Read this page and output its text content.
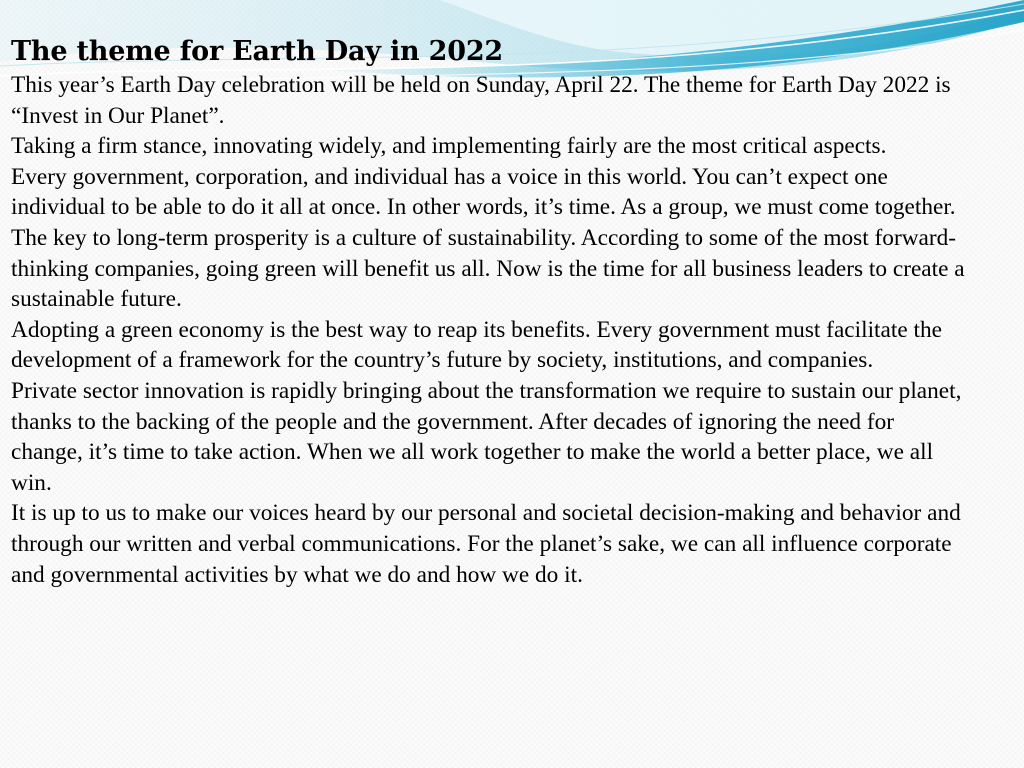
The theme for Earth Day in 2022

This year’s Earth Day celebration will be held on Sunday, April 22. The theme for Earth Day 2022 is “Invest in Our Planet”.

Taking a firm stance, innovating widely, and implementing fairly are the most critical aspects.

Every government, corporation, and individual has a voice in this world. You can’t expect one individual to be able to do it all at once. In other words, it’s time. As a group, we must come together.

The key to long-term prosperity is a culture of sustainability. According to some of the most forward-thinking companies, going green will benefit us all. Now is the time for all business leaders to create a sustainable future.

Adopting a green economy is the best way to reap its benefits. Every government must facilitate the development of a framework for the country’s future by society, institutions, and companies.

Private sector innovation is rapidly bringing about the transformation we require to sustain our planet, thanks to the backing of the people and the government. After decades of ignoring the need for change, it’s time to take action. When we all work together to make the world a better place, we all win.

It is up to us to make our voices heard by our personal and societal decision-making and behavior and through our written and verbal communications. For the planet’s sake, we can all influence corporate and governmental activities by what we do and how we do it.
